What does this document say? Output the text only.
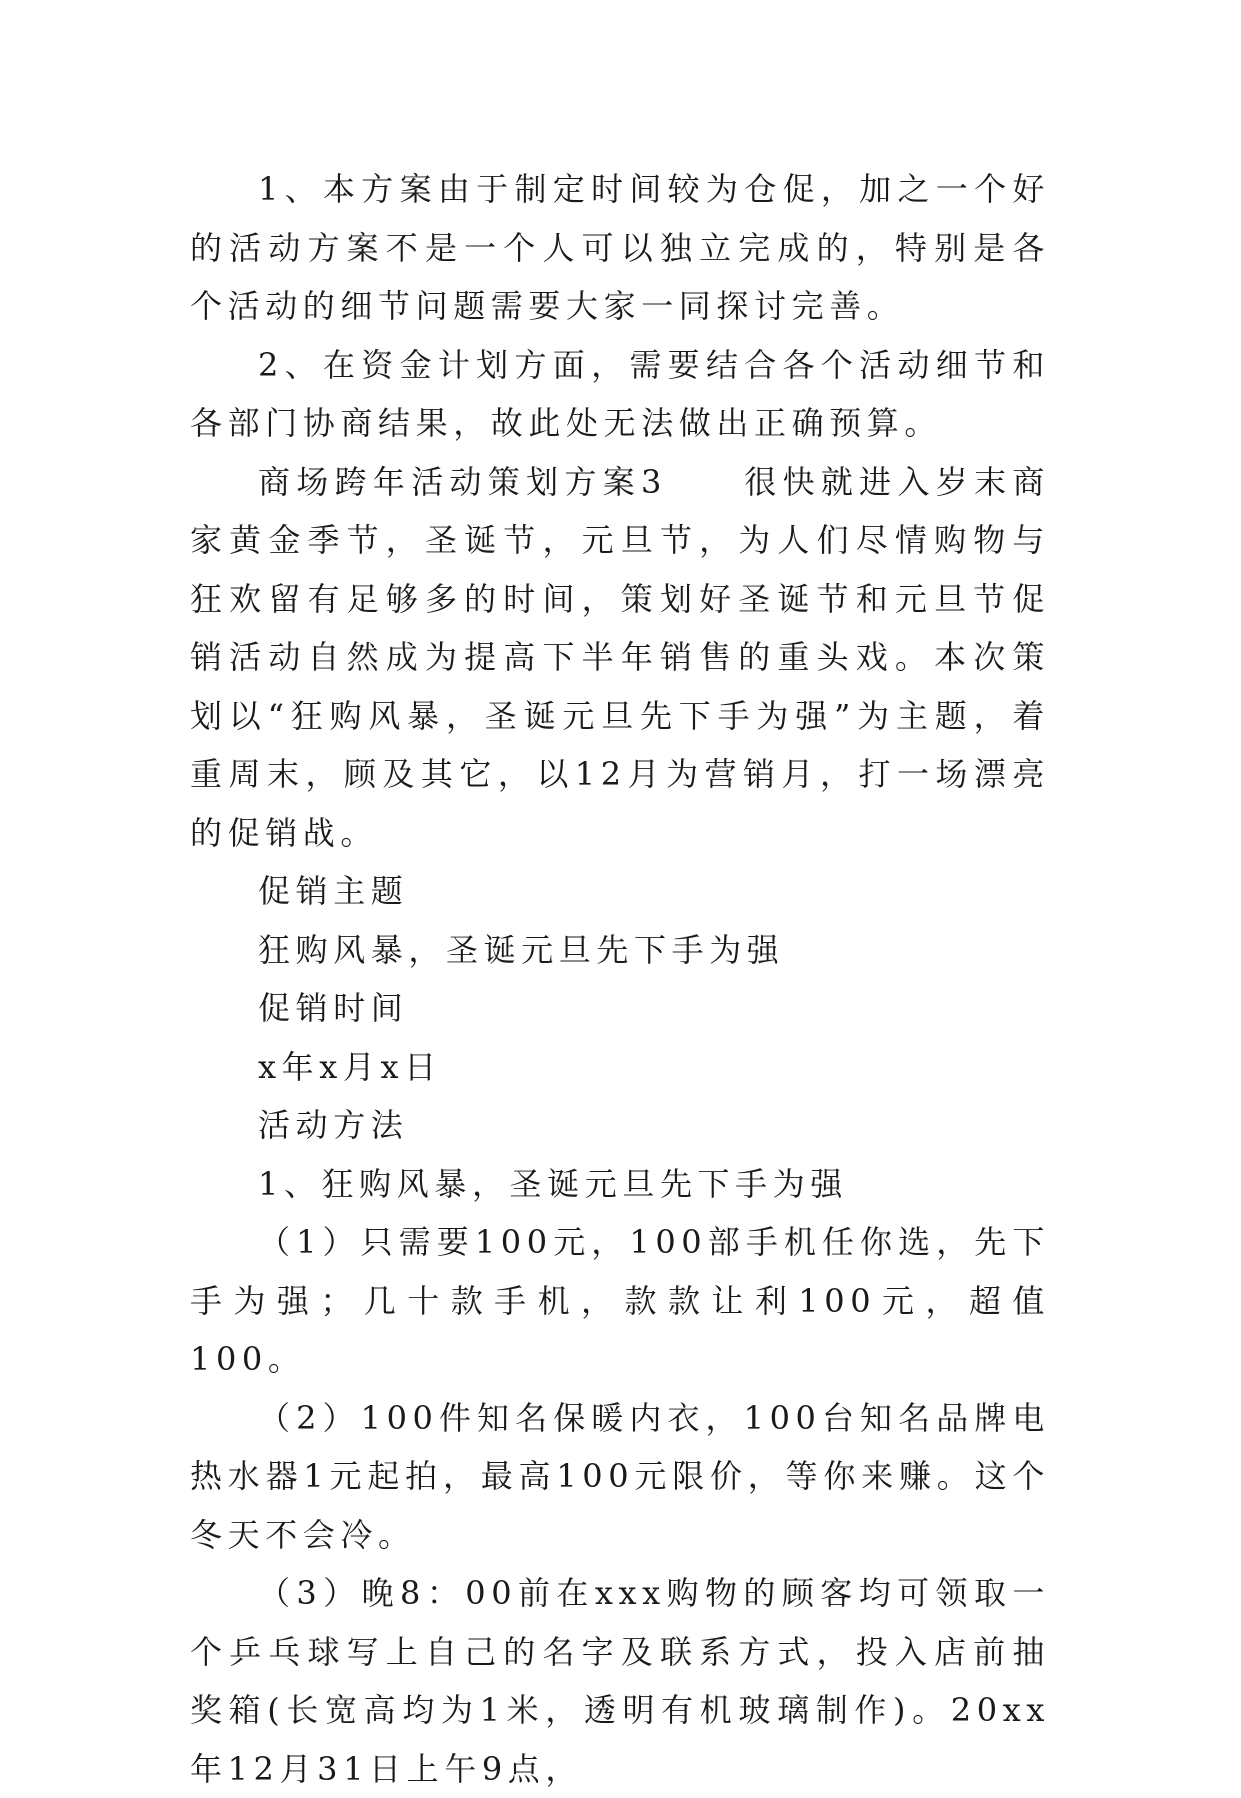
1、本方案由于制定时间较为仓促，加之一个好的活动方案不是一个人可以独立完成的，特别是各个活动的细节问题需要大家一同探讨完善。

2、在资金计划方面，需要结合各个活动细节和各部门协商结果，故此处无法做出正确预算。

商场跨年活动策划方案3　　很快就进入岁末商家黄金季节，圣诞节，元旦节，为人们尽情购物与狂欢留有足够多的时间，策划好圣诞节和元旦节促销活动自然成为提高下半年销售的重头戏。本次策划以“狂购风暴，圣诞元旦先下手为强”为主题，着重周末，顾及其它，以12月为营销月，打一场漂亮的促销战。

促销主题

狂购风暴，圣诞元旦先下手为强

促销时间

x年x月x日

活动方法

1、狂购风暴，圣诞元旦先下手为强

（1）只需要100元，100部手机任你选，先下手为强；几十款手机，款款让利100元，超值100。

（2）100件知名保暖内衣，100台知名品牌电热水器1元起拍，最高100元限价，等你来赚。这个冬天不会冷。

（3）晚8：00前在xxx购物的顾客均可领取一个乒乓球写上自己的名字及联系方式，投入店前抽奖箱(长宽高均为1米，透明有机玻璃制作)。20xx年12月31日上午9点，
